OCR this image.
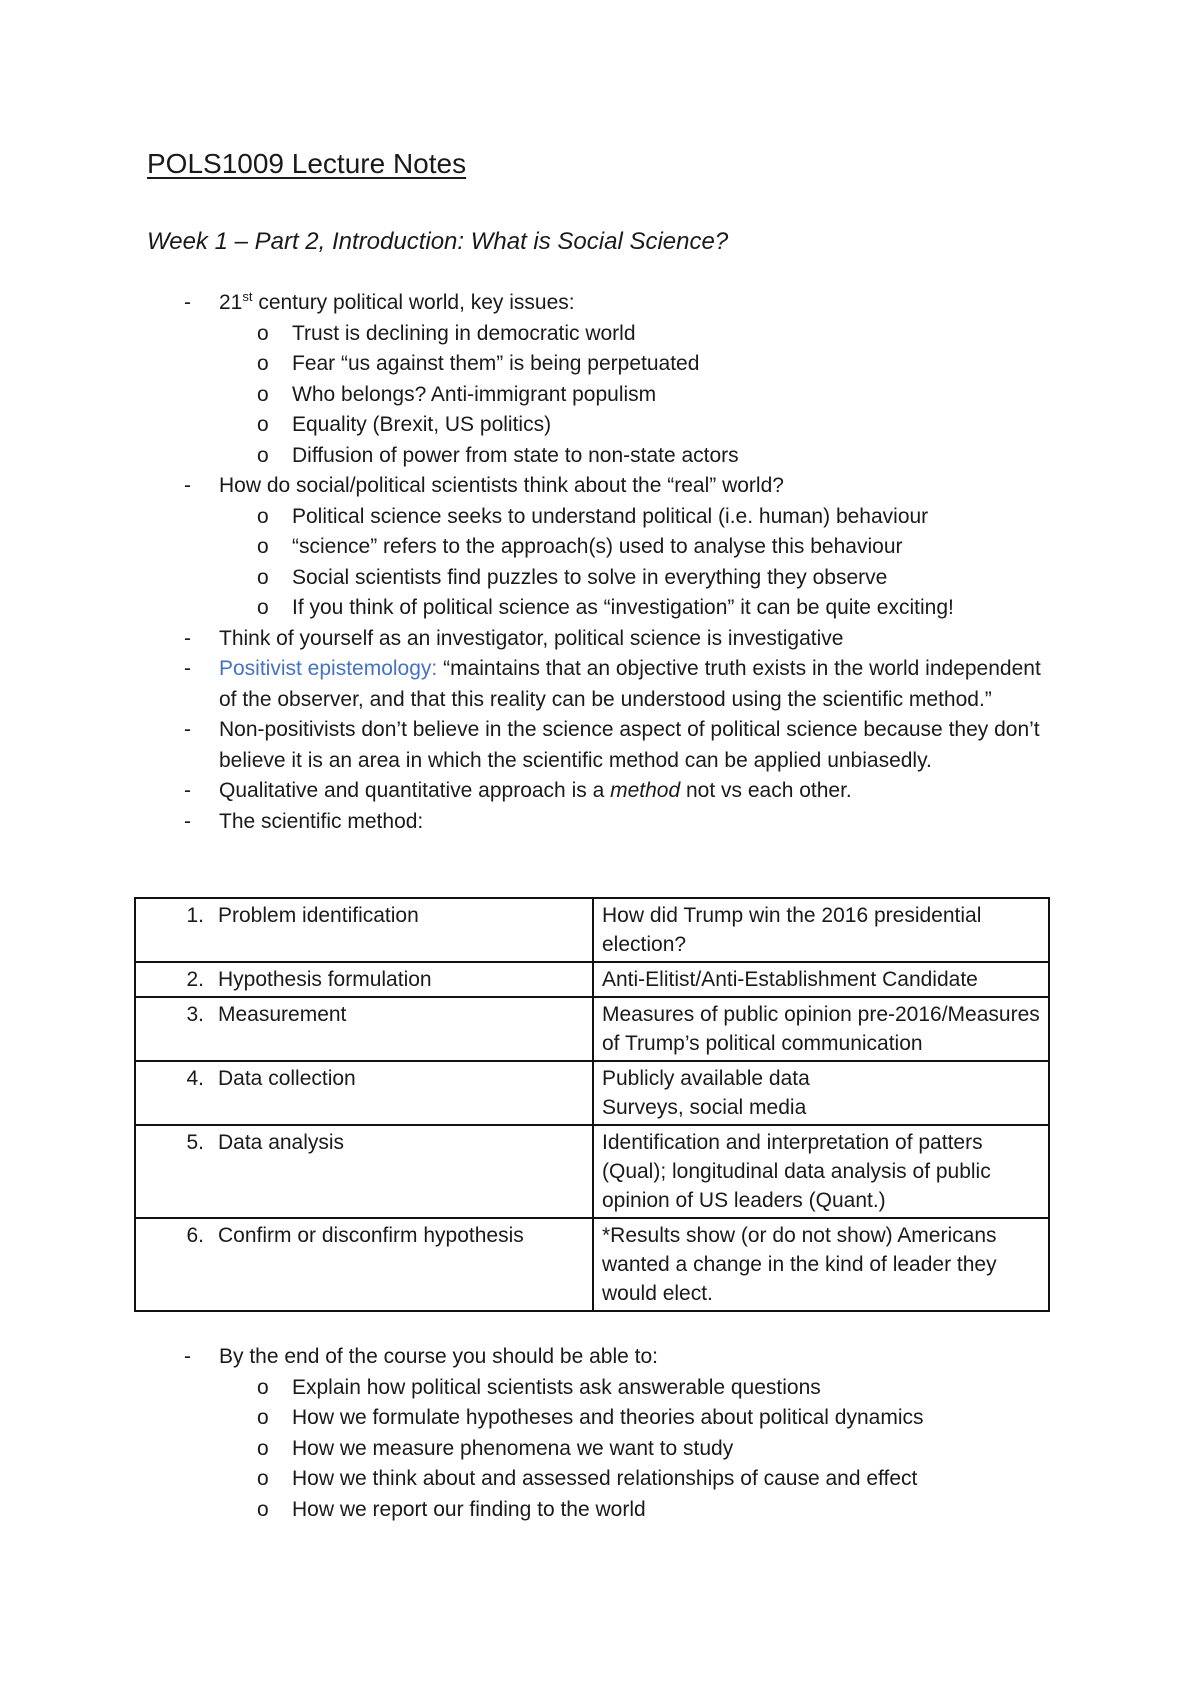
POLS1009 Lecture Notes
Week 1 – Part 2, Introduction: What is Social Science?
- 21st century political world, key issues:
o Trust is declining in democratic world
o Fear “us against them” is being perpetuated
o Who belongs? Anti-immigrant populism
o Equality (Brexit, US politics)
o Diffusion of power from state to non-state actors
- How do social/political scientists think about the “real” world?
o Political science seeks to understand political (i.e. human) behaviour
o “science” refers to the approach(s) used to analyse this behaviour
o Social scientists find puzzles to solve in everything they observe
o If you think of political science as “investigation” it can be quite exciting!
- Think of yourself as an investigator, political science is investigative
- Positivist epistemology: “maintains that an objective truth exists in the world independent of the observer, and that this reality can be understood using the scientific method.”
- Non-positivists don’t believe in the science aspect of political science because they don’t believe it is an area in which the scientific method can be applied unbiasedly.
- Qualitative and quantitative approach is a method not vs each other.
- The scientific method:
1. Problem identification	How did Trump win the 2016 presidential election?
2. Hypothesis formulation	Anti-Elitist/Anti-Establishment Candidate
3. Measurement	Measures of public opinion pre-2016/Measures of Trump’s political communication
4. Data collection	Publicly available data
Surveys, social media

5. Data analysis	Identification and interpretation of patters (Qual); longitudinal data analysis of public opinion of US leaders (Quant.)
6. Confirm or disconfirm hypothesis	*Results show (or do not show) Americans wanted a change in the kind of leader they would elect.
- By the end of the course you should be able to:
o Explain how political scientists ask answerable questions
o How we formulate hypotheses and theories about political dynamics
o How we measure phenomena we want to study
o How we think about and assessed relationships of cause and effect
o How we report our finding to the world
